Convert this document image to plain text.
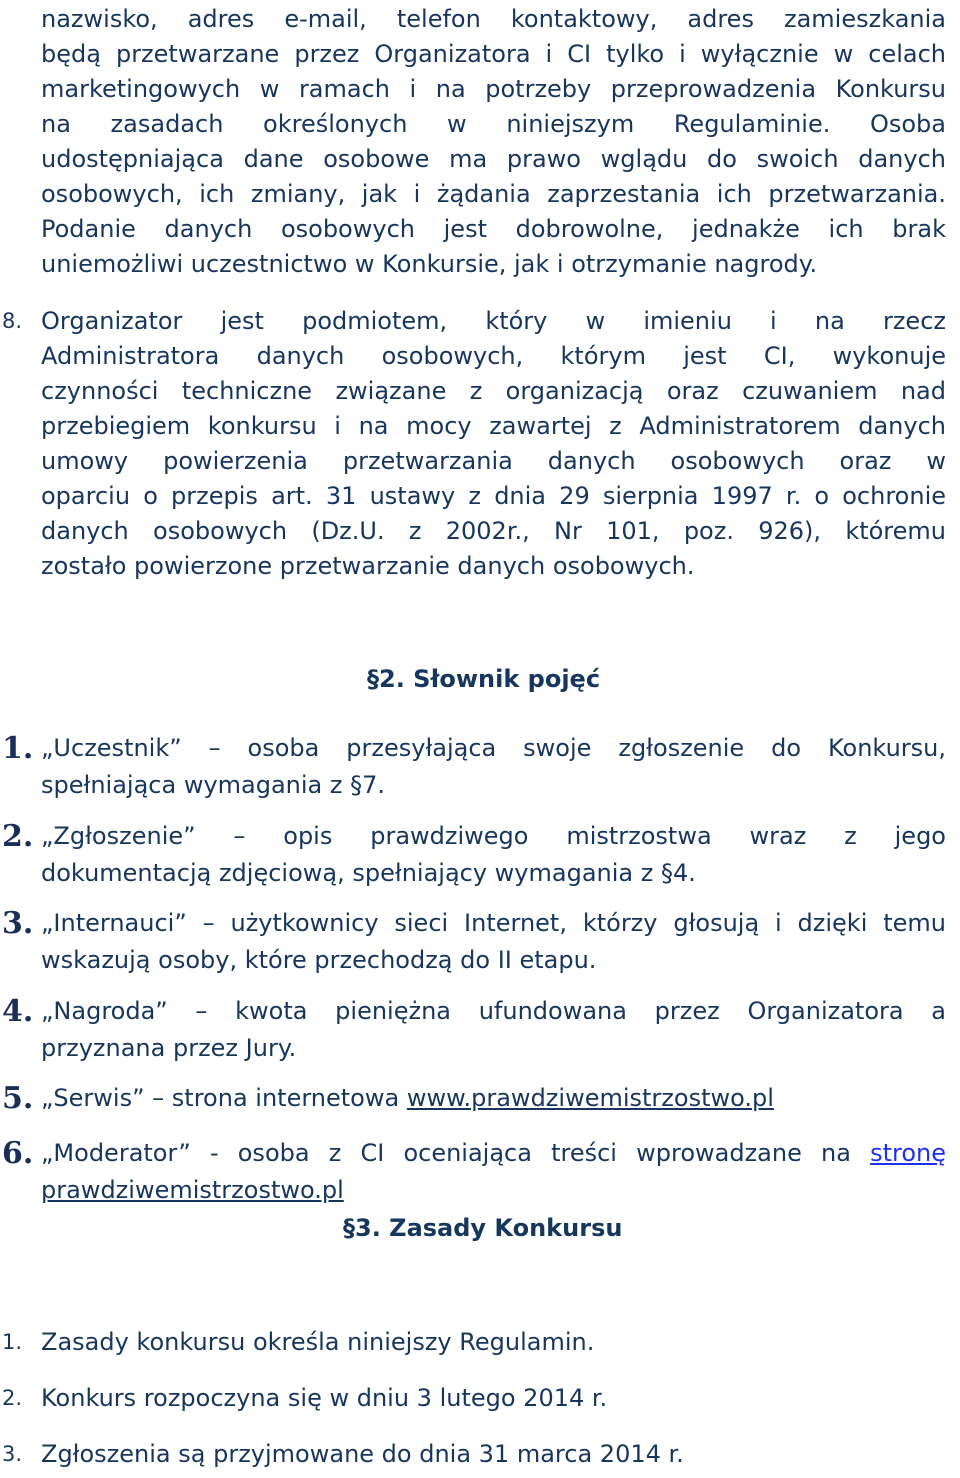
nazwisko, adres e-mail, telefon kontaktowy, adres zamieszkania
będą przetwarzane przez Organizatora i CI tylko i wyłącznie w celach
marketingowych w ramach i na potrzeby przeprowadzenia Konkursu
na zasadach określonych w niniejszym Regulaminie. Osoba
udostępniająca dane osobowe ma prawo wglądu do swoich danych
osobowych, ich zmiany, jak i żądania zaprzestania ich przetwarzania.
Podanie danych osobowych jest dobrowolne, jednakże ich brak
uniemożliwi uczestnictwo w Konkursie, jak i otrzymanie nagrody.
8. Organizator jest podmiotem, który w imieniu i na rzecz
Administratora danych osobowych, którym jest CI, wykonuje
czynności techniczne związane z organizacją oraz czuwaniem nad
przebiegiem konkursu i na mocy zawartej z Administratorem danych
umowy powierzenia przetwarzania danych osobowych oraz w
oparciu o przepis art. 31 ustawy z dnia 29 sierpnia 1997 r. o ochronie
danych osobowych (Dz.U. z 2002r., Nr 101, poz. 926), któremu
zostało powierzone przetwarzanie danych osobowych.
§2. Słownik pojęć
1. „Uczestnik” – osoba przesyłająca swoje zgłoszenie do Konkursu,
spełniająca wymagania z §7.
2. „Zgłoszenie” – opis prawdziwego mistrzostwa wraz z jego
dokumentacją zdjęciową, spełniający wymagania z §4.
3. „Internauci” – użytkownicy sieci Internet, którzy głosują i dzięki temu
wskazują osoby, które przechodzą do II etapu.
4. „Nagroda” – kwota pieniężna ufundowana przez Organizatora a
przyznana przez Jury.
5. „Serwis” – strona internetowa www.prawdziwemistrzostwo.pl
6. „Moderator” - osoba z CI oceniająca treści wprowadzane na stronę
prawdziwemistrzostwo.pl
§3. Zasady Konkursu
1. Zasady konkursu określa niniejszy Regulamin.
2. Konkurs rozpoczyna się w dniu 3 lutego 2014 r.
3. Zgłoszenia są przyjmowane do dnia 31 marca 2014 r.
